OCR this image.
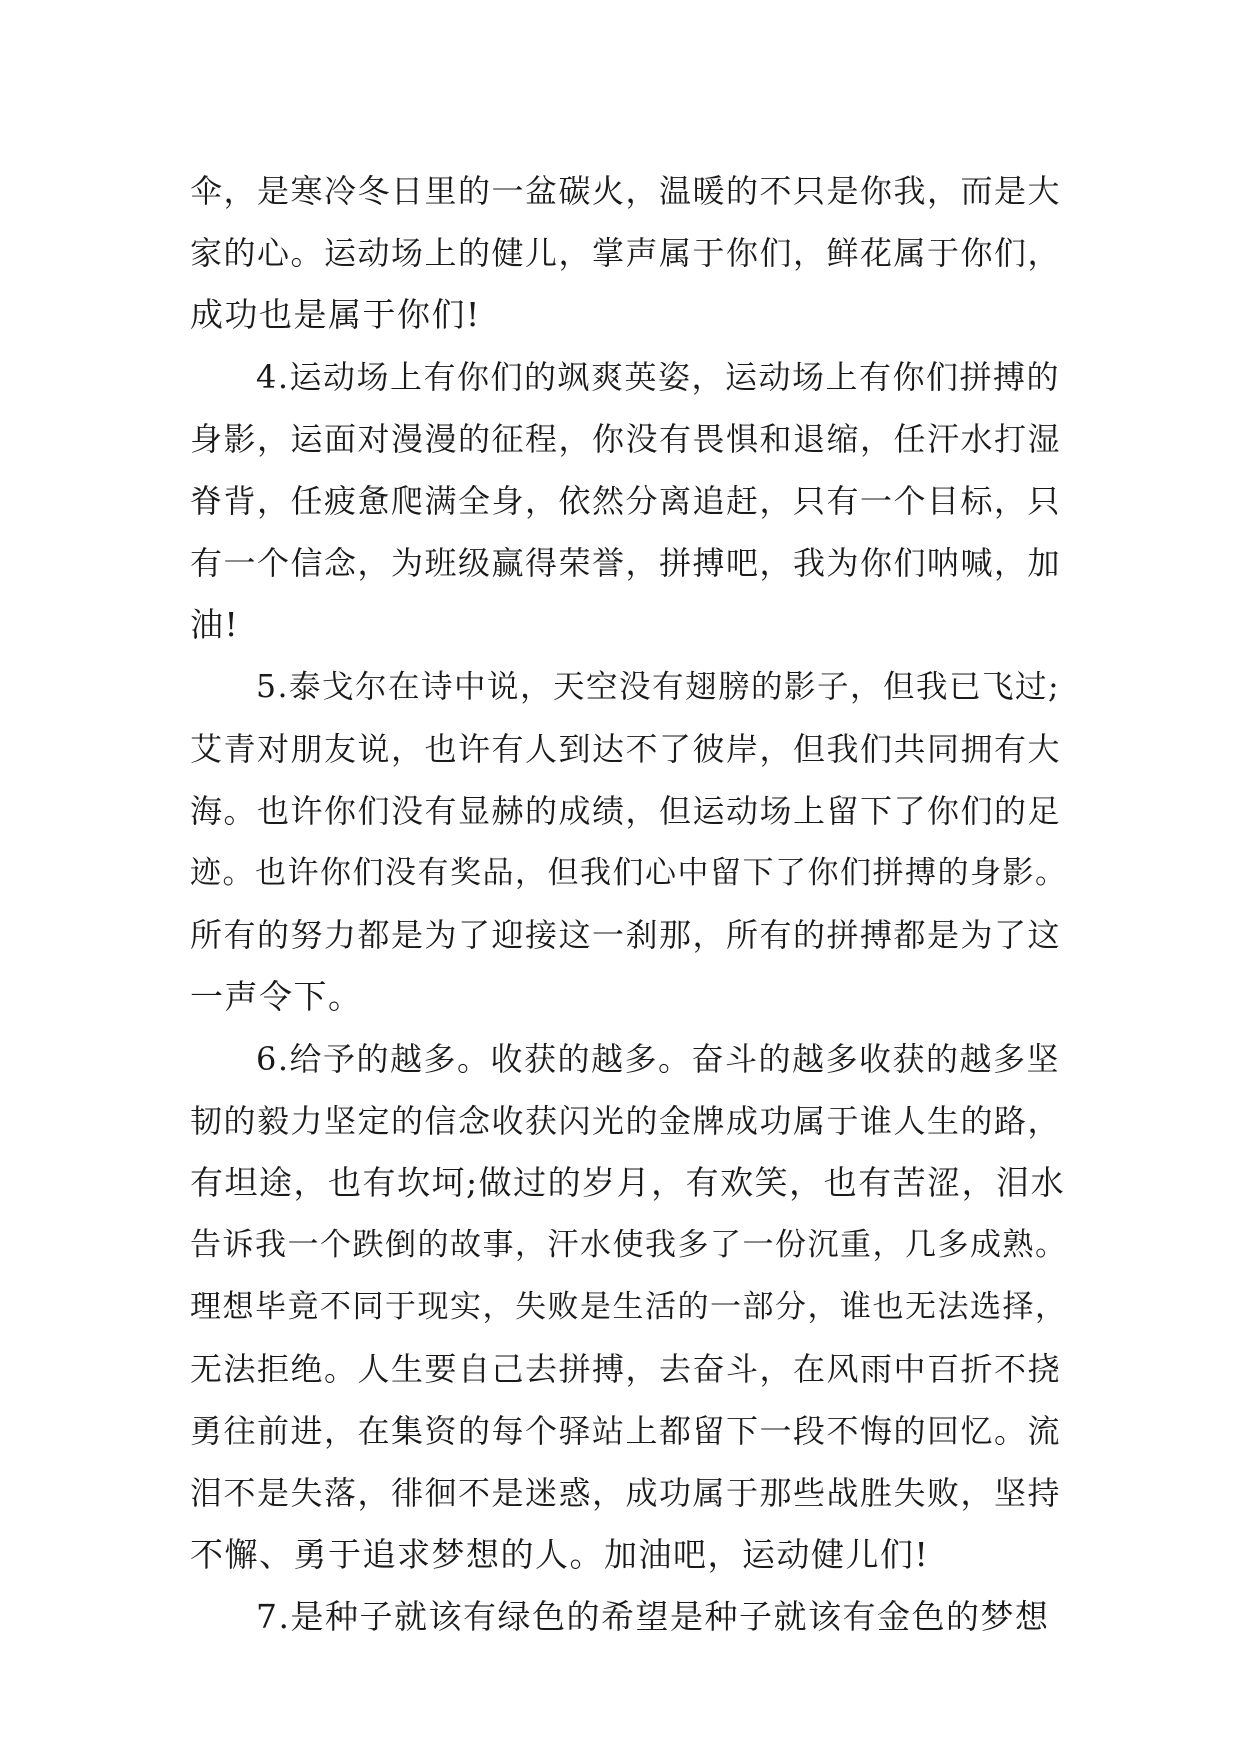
伞，是寒冷冬日里的一盆碳火，温暖的不只是你我，而是大
家的心。运动场上的健儿，掌声属于你们，鲜花属于你们，
成功也是属于你们!
4.运动场上有你们的飒爽英姿，运动场上有你们拼搏的
身影，运面对漫漫的征程，你没有畏惧和退缩，任汗水打湿
脊背，任疲惫爬满全身，依然分离追赶，只有一个目标，只
有一个信念，为班级赢得荣誉，拼搏吧，我为你们呐喊，加
油!
5.泰戈尔在诗中说，天空没有翅膀的影子，但我已飞过;
艾青对朋友说，也许有人到达不了彼岸，但我们共同拥有大
海。也许你们没有显赫的成绩，但运动场上留下了你们的足
迹。也许你们没有奖品，但我们心中留下了你们拼搏的身影。
所有的努力都是为了迎接这一刹那，所有的拼搏都是为了这
一声令下。
6.给予的越多。收获的越多。奋斗的越多收获的越多坚
韧的毅力坚定的信念收获闪光的金牌成功属于谁人生的路，
有坦途，也有坎坷;做过的岁月，有欢笑，也有苦涩，泪水
告诉我一个跌倒的故事，汗水使我多了一份沉重，几多成熟。
理想毕竟不同于现实，失败是生活的一部分，谁也无法选择，
无法拒绝。人生要自己去拼搏，去奋斗，在风雨中百折不挠
勇往前进，在集资的每个驿站上都留下一段不悔的回忆。流
泪不是失落，徘徊不是迷惑，成功属于那些战胜失败，坚持
不懈、勇于追求梦想的人。加油吧，运动健儿们!
7.是种子就该有绿色的希望是种子就该有金色的梦想
